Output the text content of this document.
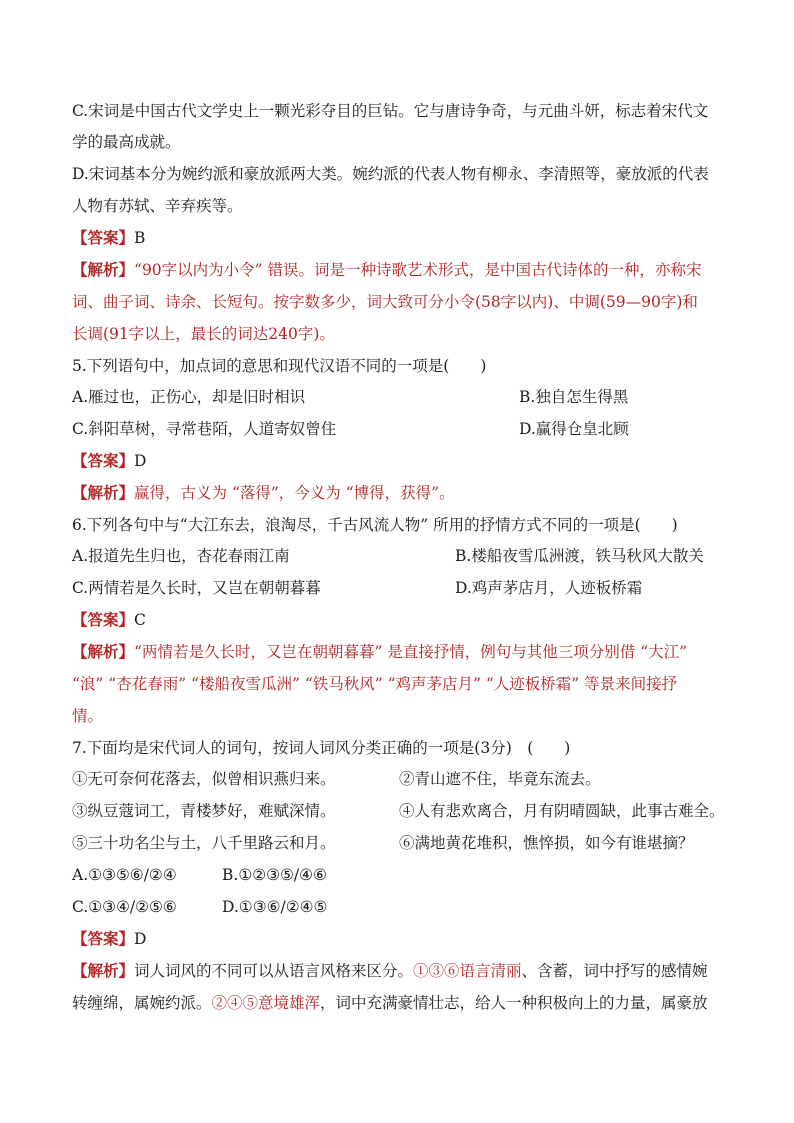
C.宋词是中国古代文学史上一颗光彩夺目的巨钻。它与唐诗争奇，与元曲斗妍，标志着宋代文
学的最高成就。
D.宋词基本分为婉约派和豪放派两大类。婉约派的代表人物有柳永、李清照等，豪放派的代表
人物有苏轼、辛弃疾等。
【答案】B
【解析】“90字以内为小令” 错误。词是一种诗歌艺术形式，是中国古代诗体的一种，亦称宋
词、曲子词、诗余、长短句。按字数多少，词大致可分小令(58字以内)、中调(59—90字)和
长调(91字以上，最长的词达240字)。
5.下列语句中，加点词的意思和现代汉语不同的一项是(　　)
A.雁过也，正伤心，却是旧时相识	B.独自怎生得黑
C.斜阳草树，寻常巷陌，人道寄奴曾住	D.赢得仓皇北顾
【答案】D
【解析】赢得，古义为 “落得”，今义为 “博得，获得”。
6.下列各句中与“大江东去，浪淘尽，千古风流人物” 所用的抒情方式不同的一项是(　　)
A.报道先生归也，杏花春雨江南	B.楼船夜雪瓜洲渡，铁马秋风大散关
C.两情若是久长时，又岂在朝朝暮暮	D.鸡声茅店月，人迹板桥霜
【答案】C
【解析】“两情若是久长时，又岂在朝朝暮暮” 是直接抒情，例句与其他三项分别借 “大江”
“浪” “杏花春雨” “楼船夜雪瓜洲” “铁马秋风” “鸡声茅店月” “人迹板桥霜” 等景来间接抒
情。
7.下面均是宋代词人的词句，按词人词风分类正确的一项是(3分)　(　　)
①无可奈何花落去，似曾相识燕归来。	②青山遮不住，毕竟东流去。
③纵豆蔻词工，青楼梦好，难赋深情。	④人有悲欢离合，月有阴晴圆缺，此事古难全。
⑤三十功名尘与土，八千里路云和月。	⑥满地黄花堆积，憔悴损，如今有谁堪摘？
A.①③⑤⑥/②④	B.①②③⑤/④⑥
C.①③④/②⑤⑥	D.①③⑥/②④⑤
【答案】D
【解析】词人词风的不同可以从语言风格来区分。①③⑥语言清丽、含蓄，词中抒写的感情婉
转缠绵，属婉约派。②④⑤意境雄浑，词中充满豪情壮志，给人一种积极向上的力量，属豪放
